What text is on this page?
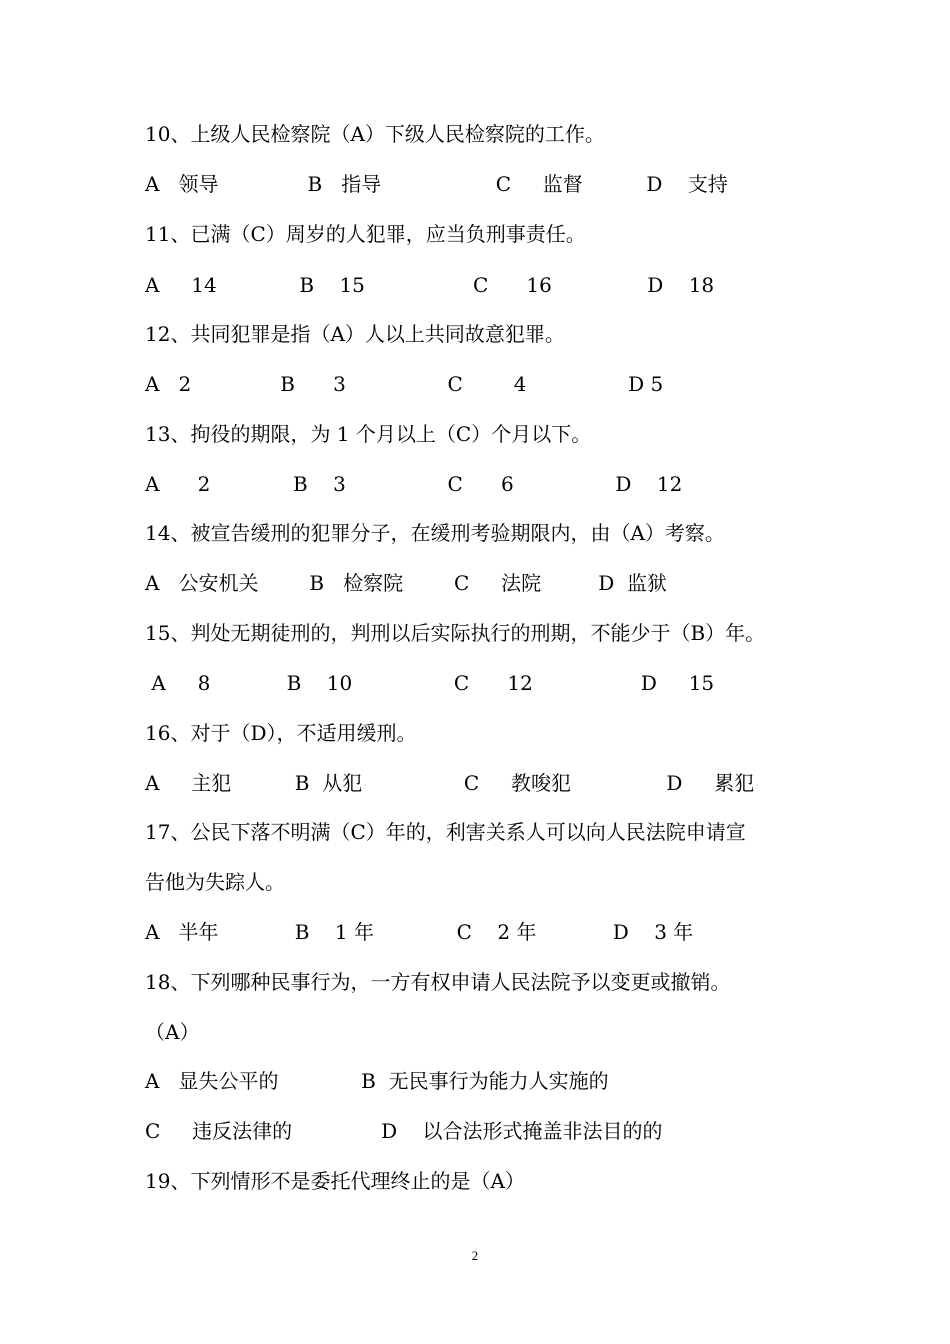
10、上级人民检察院（A）下级人民检察院的工作。
A   领导              B   指导                  C     监督          D    支持
11、已满（C）周岁的人犯罪，应当负刑事责任。
A     14             B    15                 C      16               D    18
12、共同犯罪是指（A）人以上共同故意犯罪。
A   2              B      3                C        4                D 5
13、拘役的期限，为 1 个月以上（C）个月以下。
A      2             B    3                C      6                D    12
14、被宣告缓刑的犯罪分子，在缓刑考验期限内，由（A）考察。
A   公安机关        B   检察院        C     法院         D  监狱
15、判处无期徒刑的，判刑以后实际执行的刑期，不能少于（B）年。
A     8            B    10                C      12                 D     15
16、对于（D），不适用缓刑。
A     主犯          B  从犯                C     教唆犯               D     累犯
17、公民下落不明满（C）年的，利害关系人可以向人民法院申请宣
告他为失踪人。
A   半年            B    1 年             C    2 年            D    3 年
18、下列哪种民事行为，一方有权申请人民法院予以变更或撤销。
（A）
A   显失公平的             B  无民事行为能力人实施的
C     违反法律的              D    以合法形式掩盖非法目的的
19、下列情形不是委托代理终止的是（A）
2
